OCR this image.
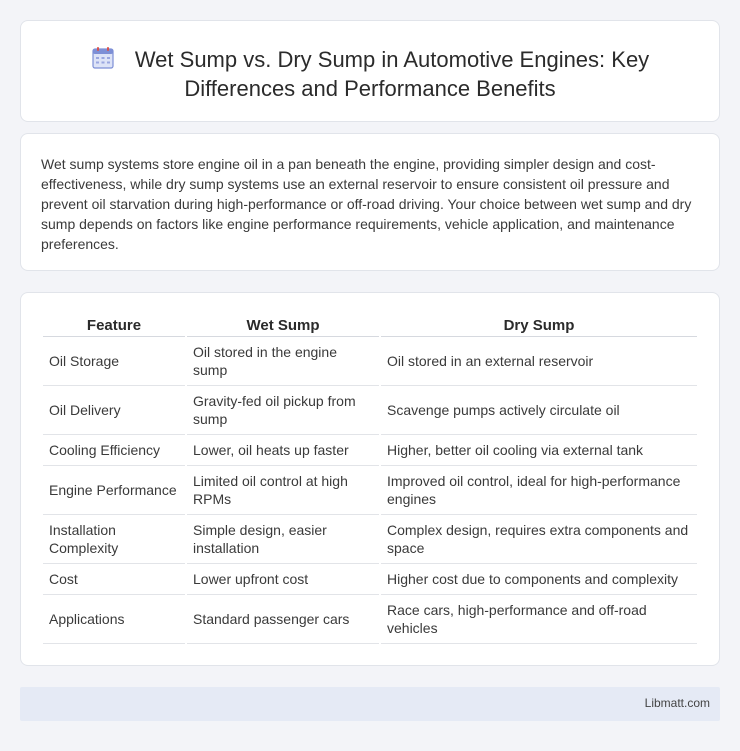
Wet Sump vs. Dry Sump in Automotive Engines: Key Differences and Performance Benefits

Wet sump systems store engine oil in a pan beneath the engine, providing simpler design and cost-effectiveness, while dry sump systems use an external reservoir to ensure consistent oil pressure and prevent oil starvation during high-performance or off-road driving. Your choice between wet sump and dry sump depends on factors like engine performance requirements, vehicle application, and maintenance preferences.

Feature	Wet Sump	Dry Sump
Oil Storage	Oil stored in the engine sump	Oil stored in an external reservoir
Oil Delivery	Gravity-fed oil pickup from sump	Scavenge pumps actively circulate oil
Cooling Efficiency	Lower, oil heats up faster	Higher, better oil cooling via external tank
Engine Performance	Limited oil control at high RPMs	Improved oil control, ideal for high-performance engines
Installation Complexity	Simple design, easier installation	Complex design, requires extra components and space
Cost	Lower upfront cost	Higher cost due to components and complexity
Applications	Standard passenger cars	Race cars, high-performance and off-road vehicles
Libmatt.com
